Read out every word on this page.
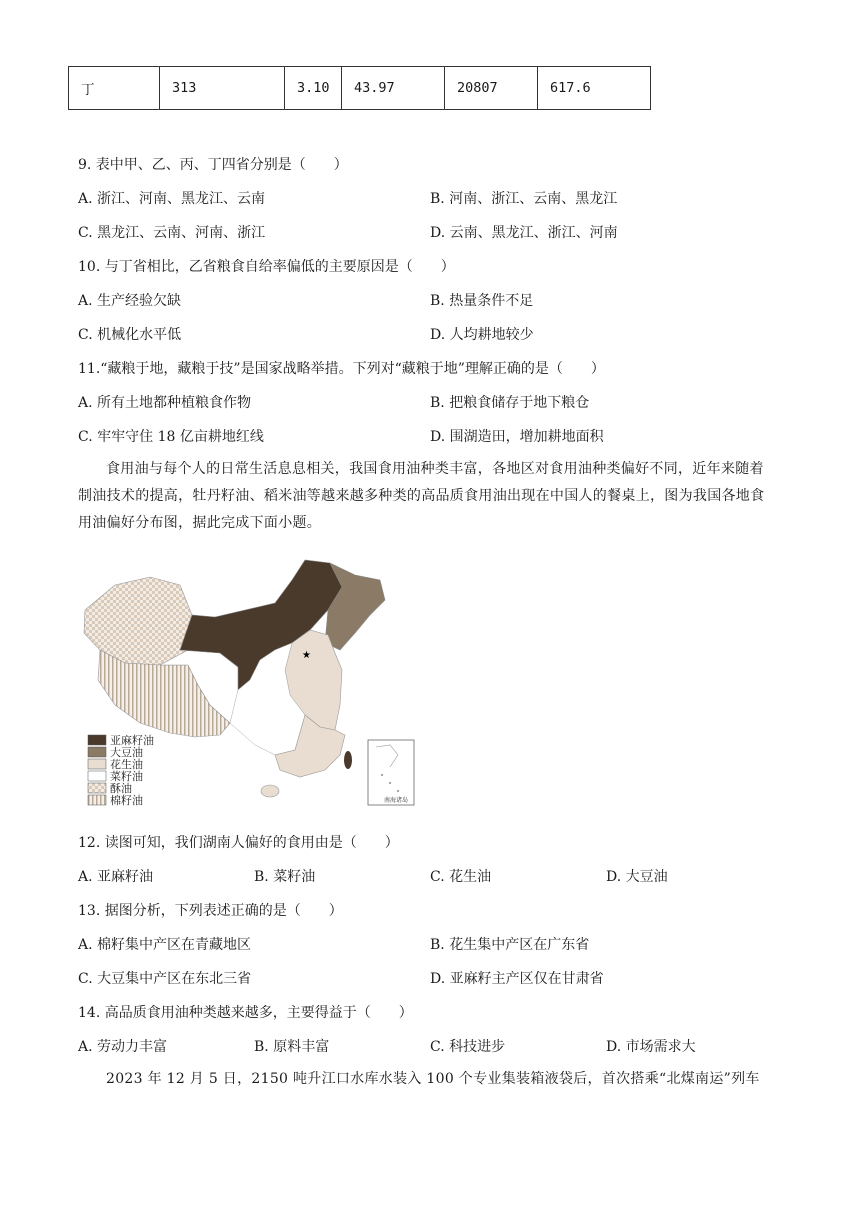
丁	313	3.10	43.97	20807	617.6
9. 表中甲、乙、丙、丁四省分别是（　　）
A. 浙江、河南、黑龙江、云南	B. 河南、浙江、云南、黑龙江
C. 黑龙江、云南、河南、浙江	D. 云南、黑龙江、浙江、河南
10. 与丁省相比，乙省粮食自给率偏低的主要原因是（　　）
A. 生产经验欠缺	B. 热量条件不足
C. 机械化水平低	D. 人均耕地较少
11.“藏粮于地，藏粮于技”是国家战略举措。下列对“藏粮于地”理解正确的是（　　）
A. 所有土地都种植粮食作物	B. 把粮食储存于地下粮仓
C. 牢牢守住 18 亿亩耕地红线	D. 围湖造田，增加耕地面积
食用油与每个人的日常生活息息相关，我国食用油种类丰富，各地区对食用油种类偏好不同，近年来随着制油技术的提高，牡丹籽油、稻米油等越来越多种类的高品质食用油出现在中国人的餐桌上，图为我国各地食用油偏好分布图，据此完成下面小题。
★
亚麻籽油
大豆油
花生油
菜籽油
酥油
棉籽油	南海诸岛
12. 读图可知，我们湖南人偏好的食用由是（　　）
A. 亚麻籽油	B. 菜籽油	C. 花生油	D. 大豆油
13. 据图分析，下列表述正确的是（　　）
A. 棉籽集中产区在青藏地区	B. 花生集中产区在广东省
C. 大豆集中产区在东北三省	D. 亚麻籽主产区仅在甘肃省
14. 高品质食用油种类越来越多，主要得益于（　　）
A. 劳动力丰富	B. 原料丰富	C. 科技进步	D. 市场需求大
2023 年 12 月 5 日，2150 吨升江口水库水装入 100 个专业集装箱液袋后，首次搭乘“北煤南运”列车
